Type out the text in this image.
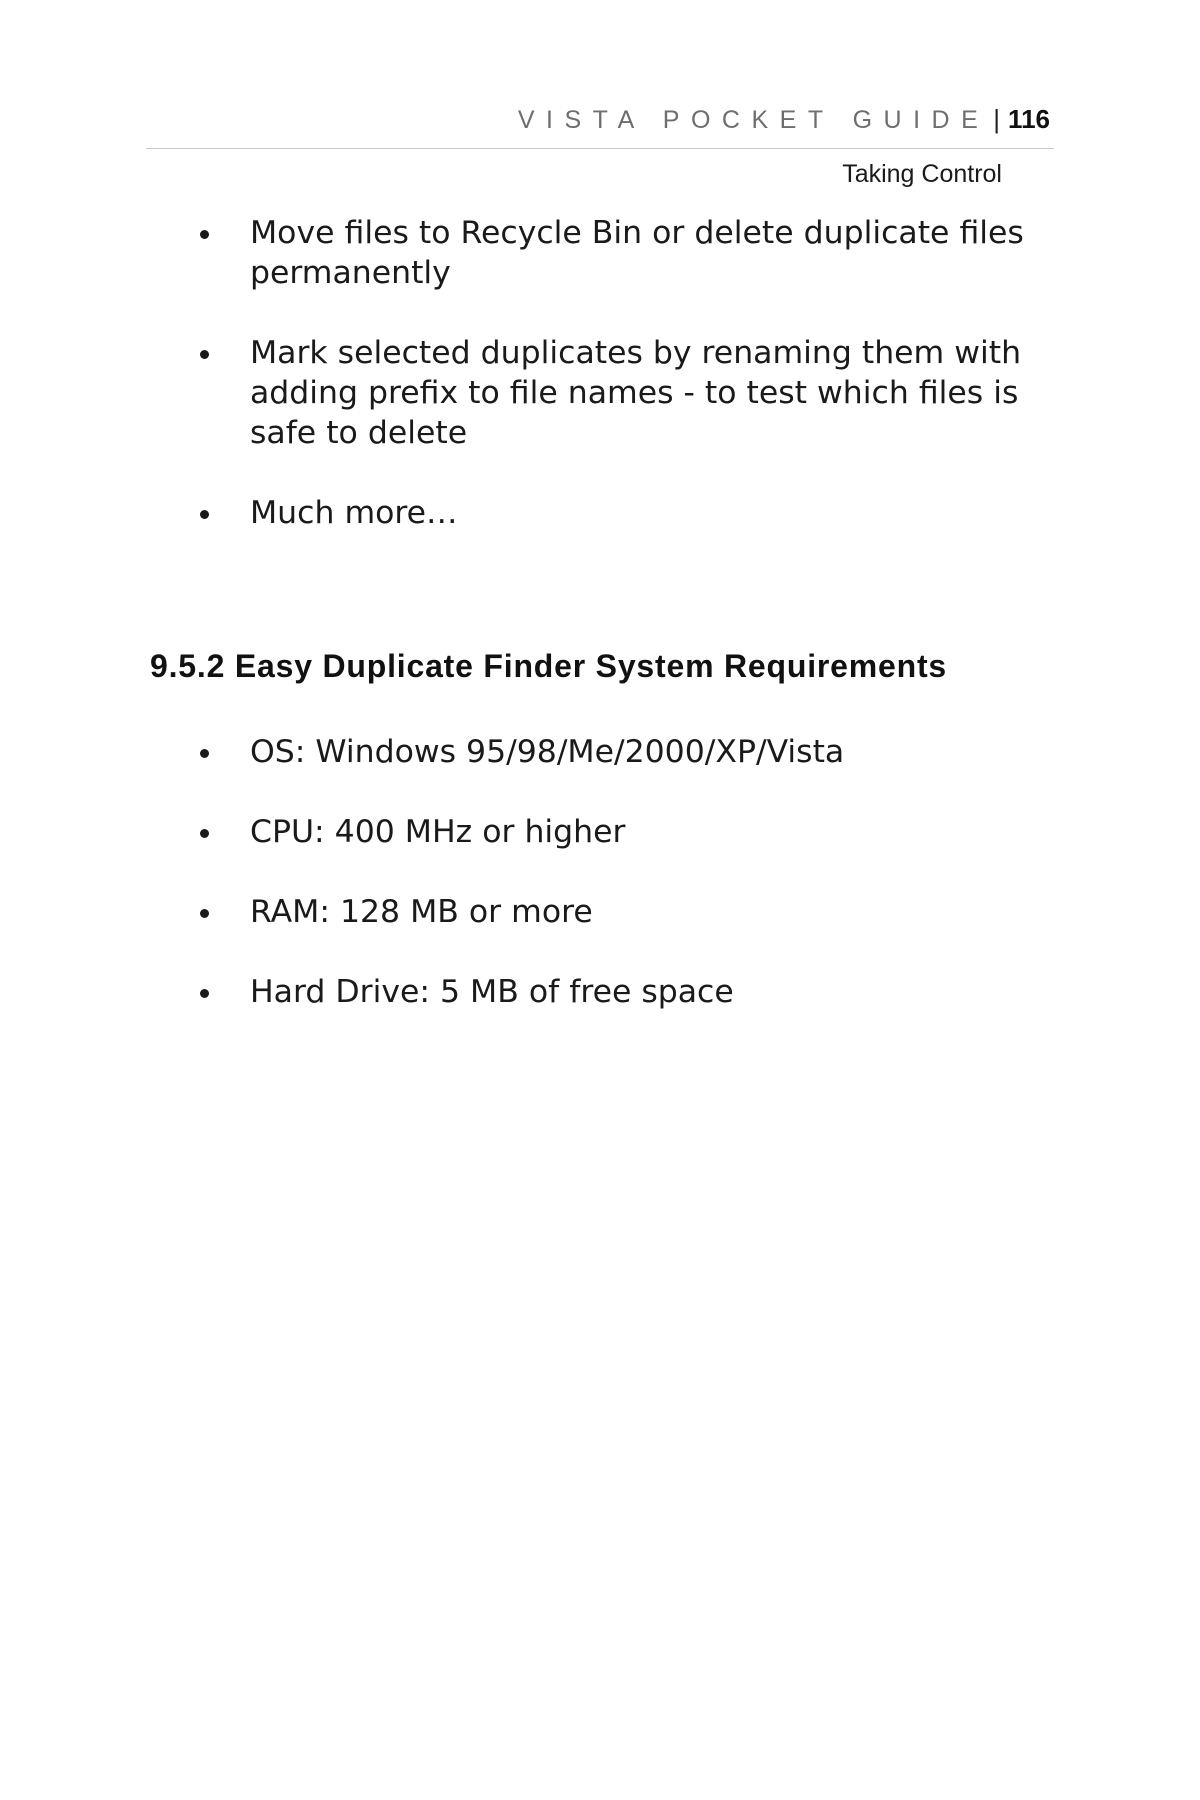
VISTA POCKET GUIDE | 116
Taking Control
Move files to Recycle Bin or delete duplicate files permanently
Mark selected duplicates by renaming them with adding prefix to file names - to test which files is safe to delete
Much more…
9.5.2 Easy Duplicate Finder System Requirements
OS: Windows 95/98/Me/2000/XP/Vista
CPU: 400 MHz or higher
RAM: 128 MB or more
Hard Drive: 5 MB of free space
